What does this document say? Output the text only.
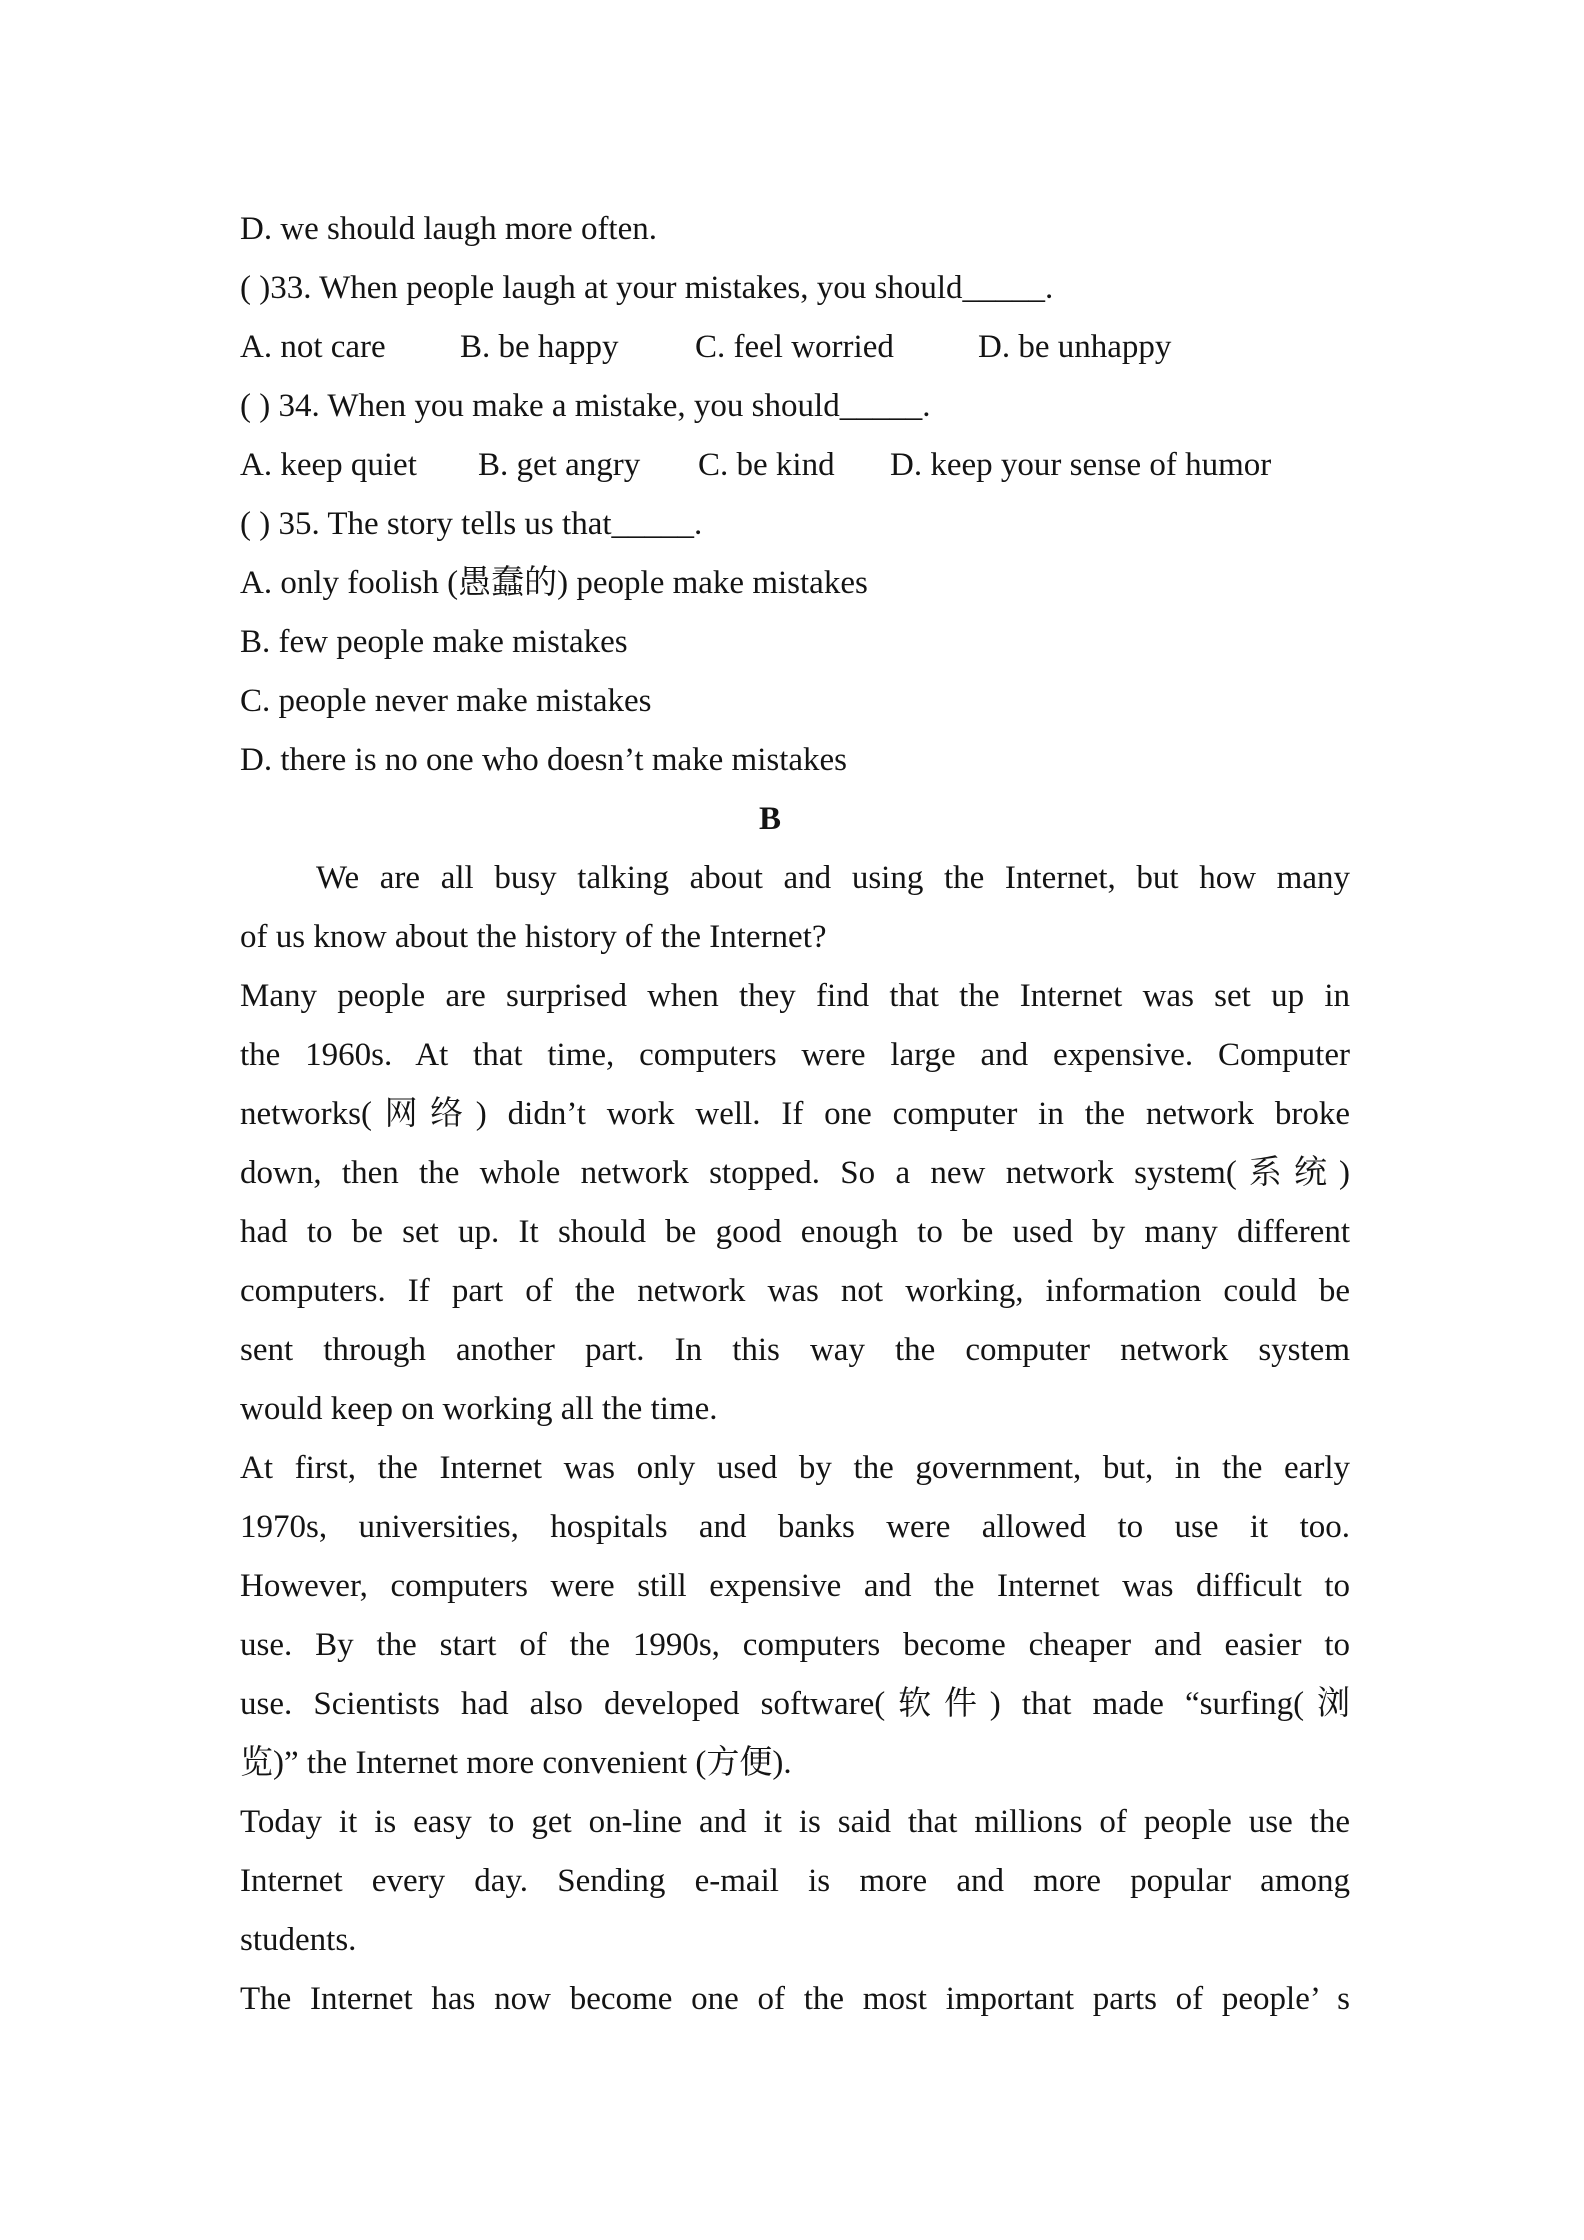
D. we should laugh more often.
( )33. When people laugh at your mistakes, you should_____.
A. not care B. be happy C. feel worried	D. be unhappy
( ) 34. When you make a mistake, you should_____.
A. keep quiet B. get angry C. be kind D. keep your sense of humor
( ) 35. The story tells us that_____.
A. only foolish (愚蠢的) people make mistakes
B. few people make mistakes
C. people never make mistakes
D. there is no one who doesn’t make mistakes
B
We are all busy talking about and using the Internet, but how many
of us know about the history of the Internet?
Many people are surprised when they find that the Internet was set up in
the 1960s. At that time, computers were large and expensive. Computer
networks(网络) didn’t work well. If one computer in the network broke
down, then the whole network stopped. So a new network system(系统)
had to be set up. It should be good enough to be used by many different
computers. If part of the network was not working, information could be
sent through another part. In this way the computer network system
would keep on working all the time.
At first, the Internet was only used by the government, but, in the early
1970s, universities, hospitals and banks were allowed to use it too.
However, computers were still expensive and the Internet was difficult to
use. By the start of the 1990s, computers become cheaper and easier to
use. Scientists had also developed software(软件) that made “surfing(浏
览)” the Internet more convenient (方便).
Today it is easy to get on-line and it is said that millions of people use the
Internet every day. Sending e-mail is more and more popular among
students.
The Internet has now become one of the most important parts of people’ s
